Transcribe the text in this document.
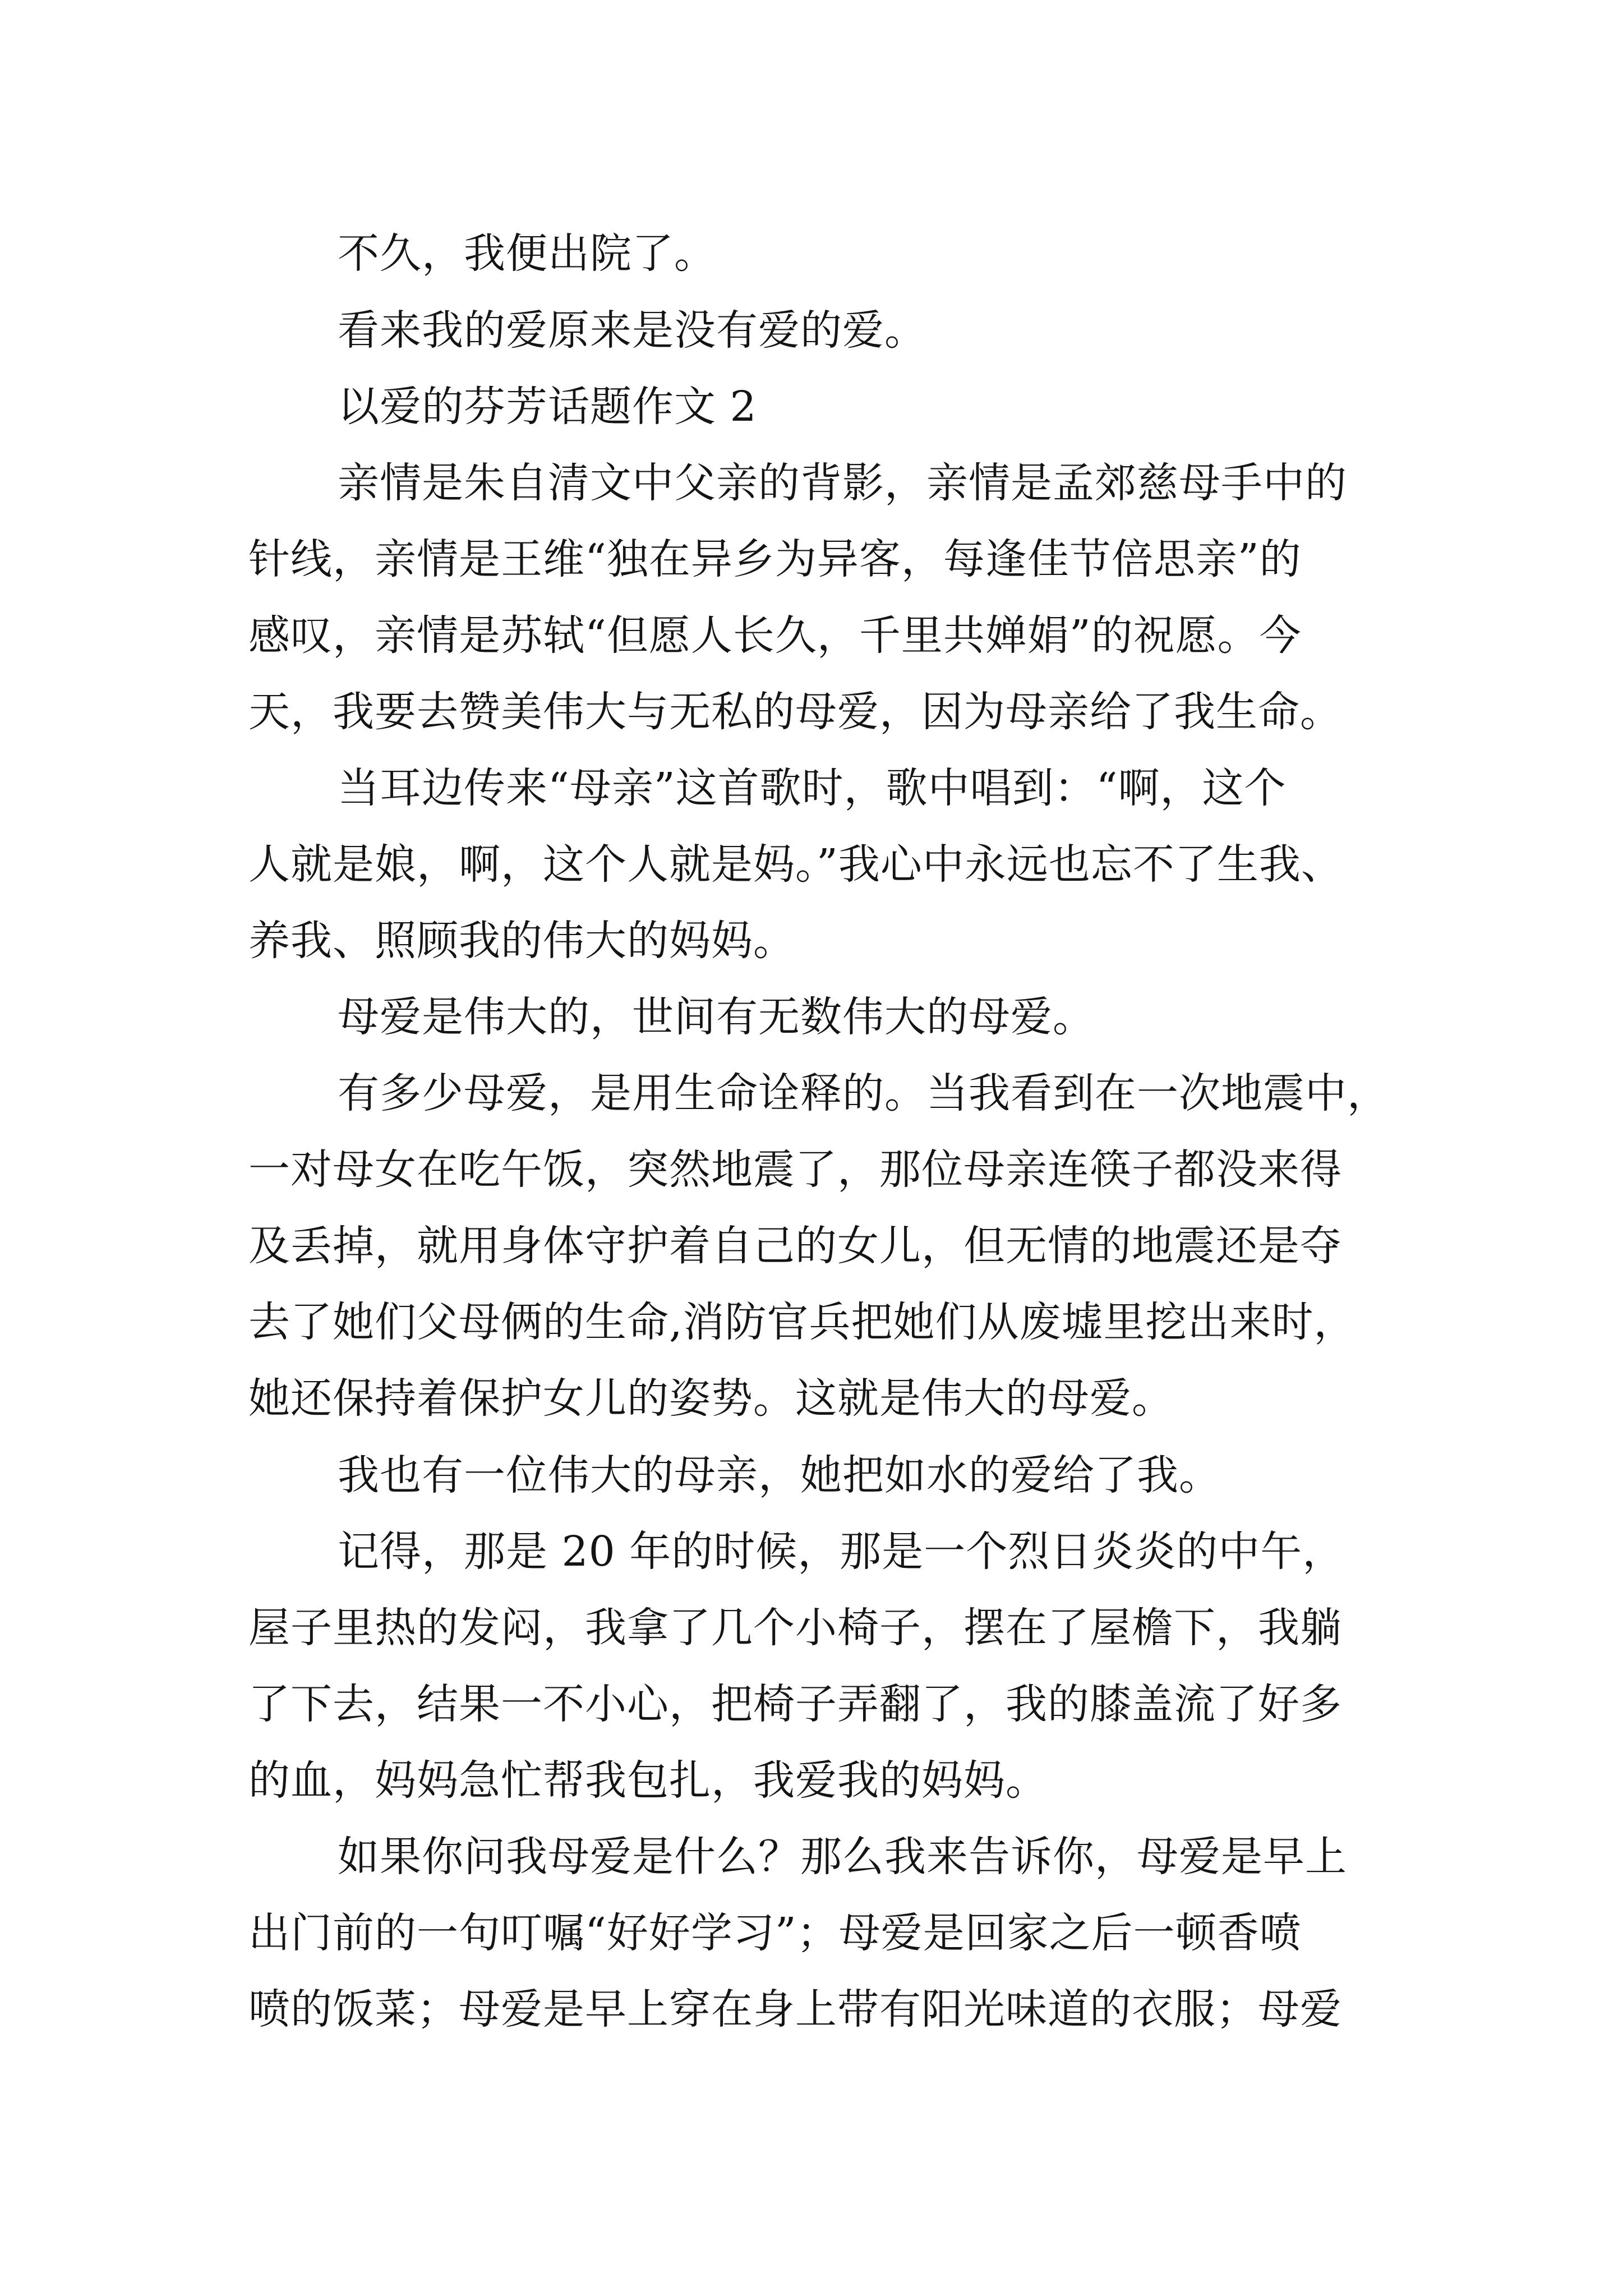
不久，我便出院了。
看来我的爱原来是没有爱的爱。
以爱的芬芳话题作文 2
亲情是朱自清文中父亲的背影，亲情是孟郊慈母手中的
针线，亲情是王维“独在异乡为异客，每逢佳节倍思亲”的
感叹，亲情是苏轼“但愿人长久，千里共婵娟”的祝愿。今
天，我要去赞美伟大与无私的母爱，因为母亲给了我生命。
当耳边传来“母亲”这首歌时，歌中唱到：“啊，这个
人就是娘，啊，这个人就是妈。”我心中永远也忘不了生我、
养我、照顾我的伟大的妈妈。
母爱是伟大的，世间有无数伟大的母爱。
有多少母爱，是用生命诠释的。当我看到在一次地震中，
一对母女在吃午饭，突然地震了，那位母亲连筷子都没来得
及丢掉，就用身体守护着自己的女儿，但无情的地震还是夺
去了她们父母俩的生命,消防官兵把她们从废墟里挖出来时，
她还保持着保护女儿的姿势。这就是伟大的母爱。
我也有一位伟大的母亲，她把如水的爱给了我。
记得，那是 20 年的时候，那是一个烈日炎炎的中午，
屋子里热的发闷，我拿了几个小椅子，摆在了屋檐下，我躺
了下去，结果一不小心，把椅子弄翻了，我的膝盖流了好多
的血，妈妈急忙帮我包扎，我爱我的妈妈。
如果你问我母爱是什么？那么我来告诉你，母爱是早上
出门前的一句叮嘱“好好学习”；母爱是回家之后一顿香喷
喷的饭菜；母爱是早上穿在身上带有阳光味道的衣服；母爱
